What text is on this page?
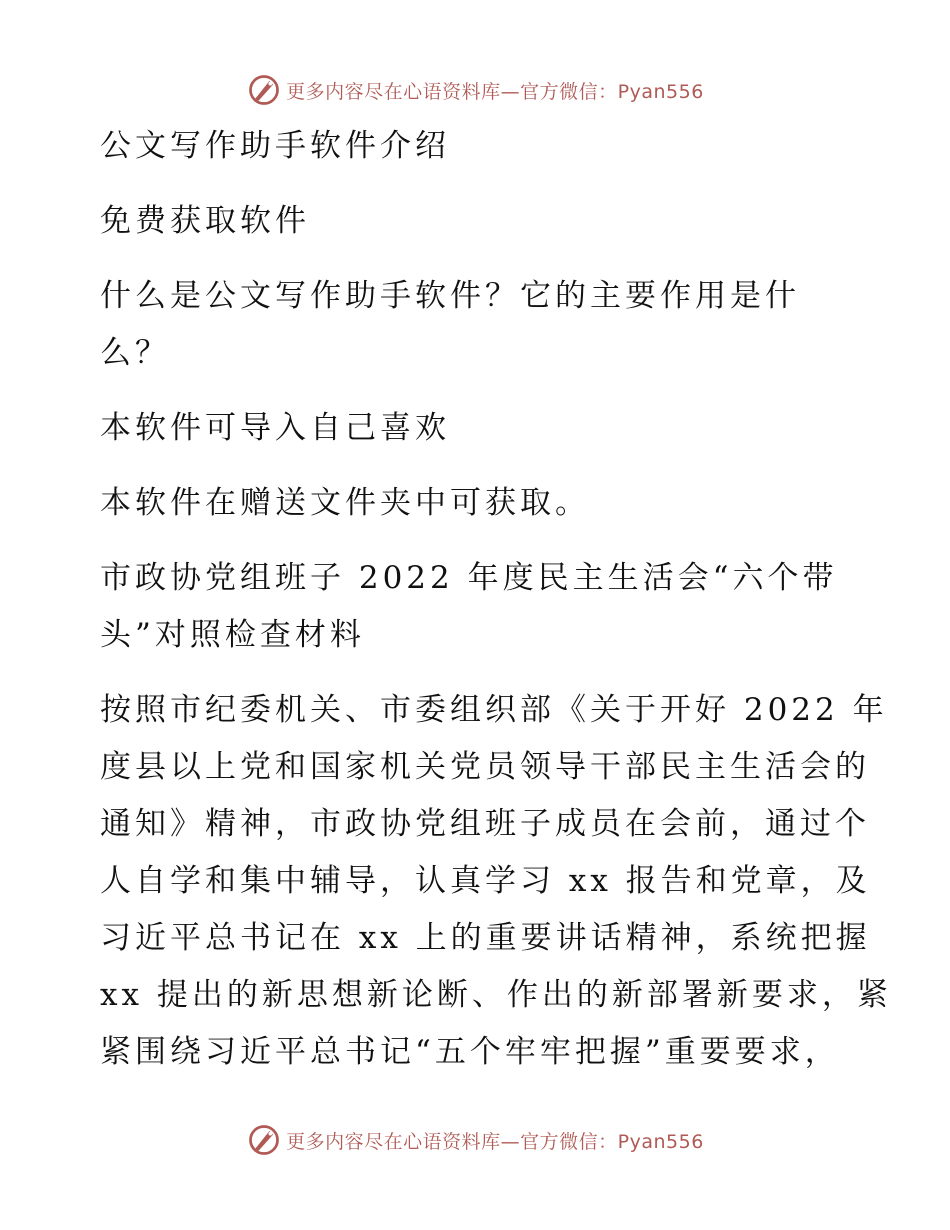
更多内容尽在心语资料库—官方微信：Pyan556
公文写作助手软件介绍
免费获取软件
什么是公文写作助手软件？它的主要作用是什
么？
本软件可导入自己喜欢
本软件在赠送文件夹中可获取。
市政协党组班子 2022 年度民主生活会“六个带
头”对照检查材料
按照市纪委机关、市委组织部《关于开好 2022 年
度县以上党和国家机关党员领导干部民主生活会的
通知》精神，市政协党组班子成员在会前，通过个
人自学和集中辅导，认真学习 xx 报告和党章，及
习近平总书记在 xx 上的重要讲话精神，系统把握
xx 提出的新思想新论断、作出的新部署新要求，紧
紧围绕习近平总书记“五个牢牢把握”重要要求，
更多内容尽在心语资料库—官方微信：Pyan556
